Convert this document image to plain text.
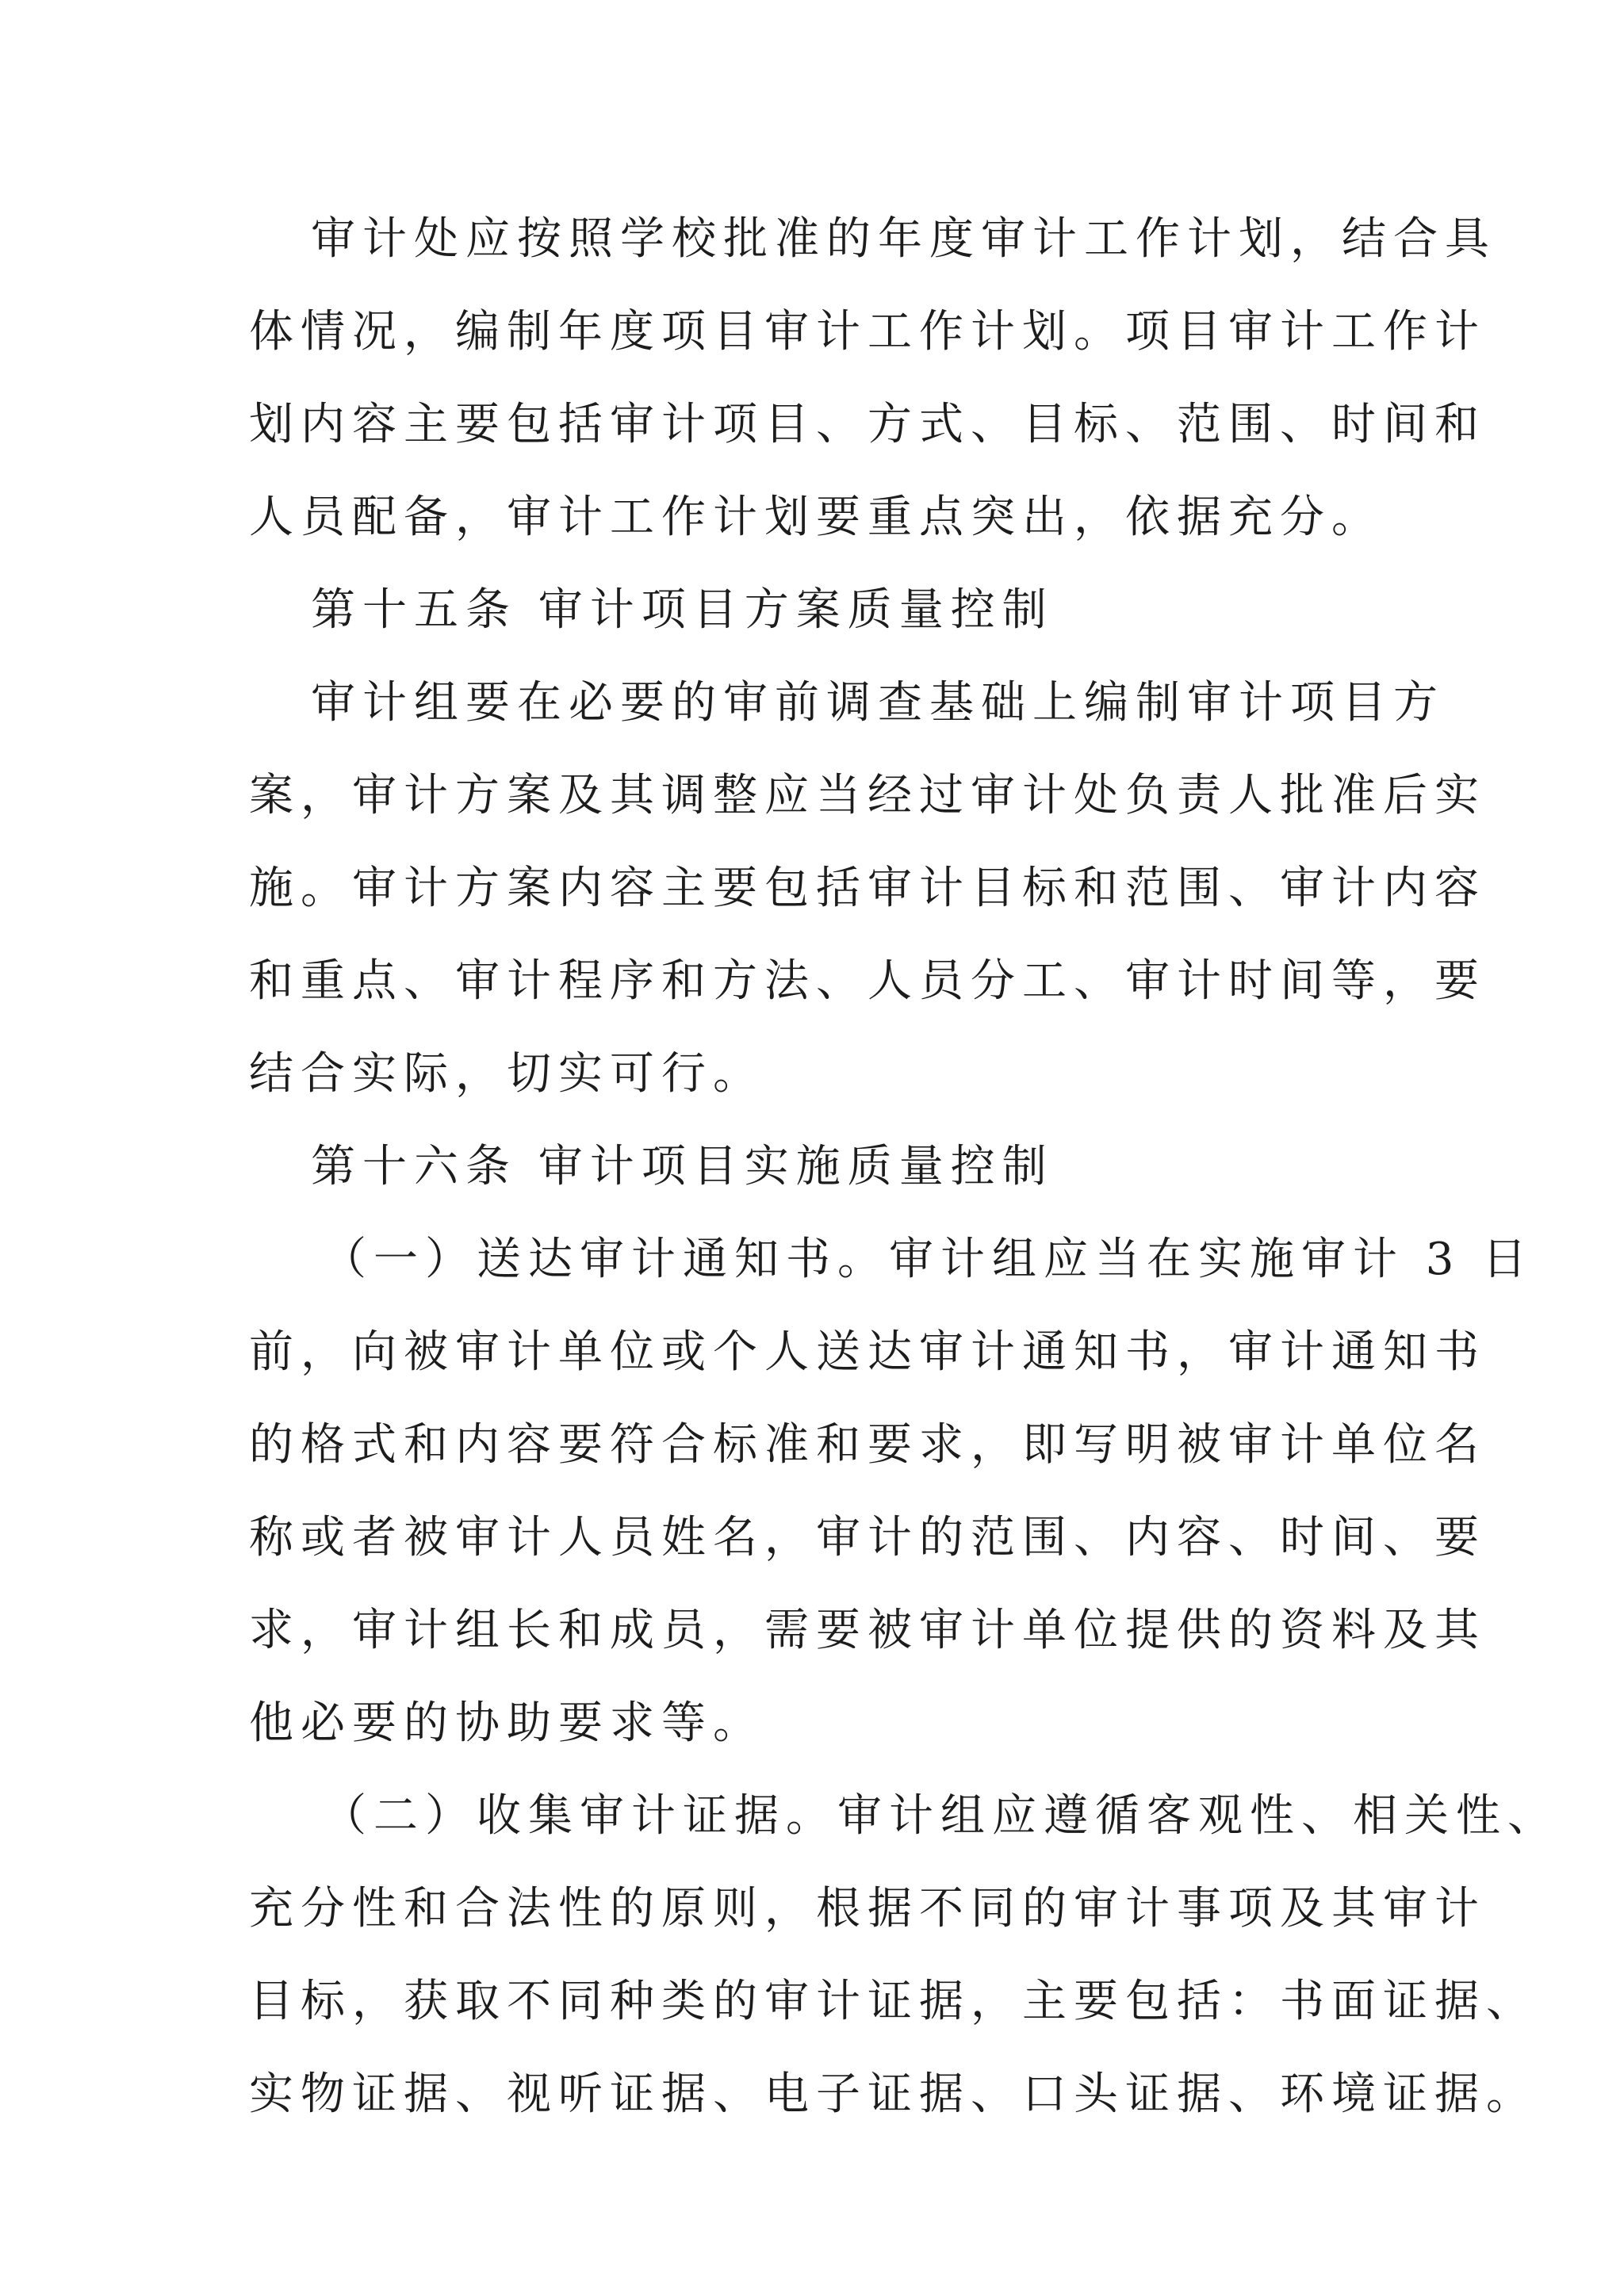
审计处应按照学校批准的年度审计工作计划，结合具
体情况，编制年度项目审计工作计划。项目审计工作计
划内容主要包括审计项目、方式、目标、范围、时间和
人员配备，审计工作计划要重点突出，依据充分。
第十五条 审计项目方案质量控制
审计组要在必要的审前调查基础上编制审计项目方
案，审计方案及其调整应当经过审计处负责人批准后实
施。审计方案内容主要包括审计目标和范围、审计内容
和重点、审计程序和方法、人员分工、审计时间等，要
结合实际，切实可行。
第十六条 审计项目实施质量控制
（一）送达审计通知书。审计组应当在实施审计 3 日
前，向被审计单位或个人送达审计通知书，审计通知书
的格式和内容要符合标准和要求，即写明被审计单位名
称或者被审计人员姓名，审计的范围、内容、时间、要
求，审计组长和成员，需要被审计单位提供的资料及其
他必要的协助要求等。
（二）收集审计证据。审计组应遵循客观性、相关性、
充分性和合法性的原则，根据不同的审计事项及其审计
目标，获取不同种类的审计证据，主要包括：书面证据、
实物证据、视听证据、电子证据、口头证据、环境证据。
